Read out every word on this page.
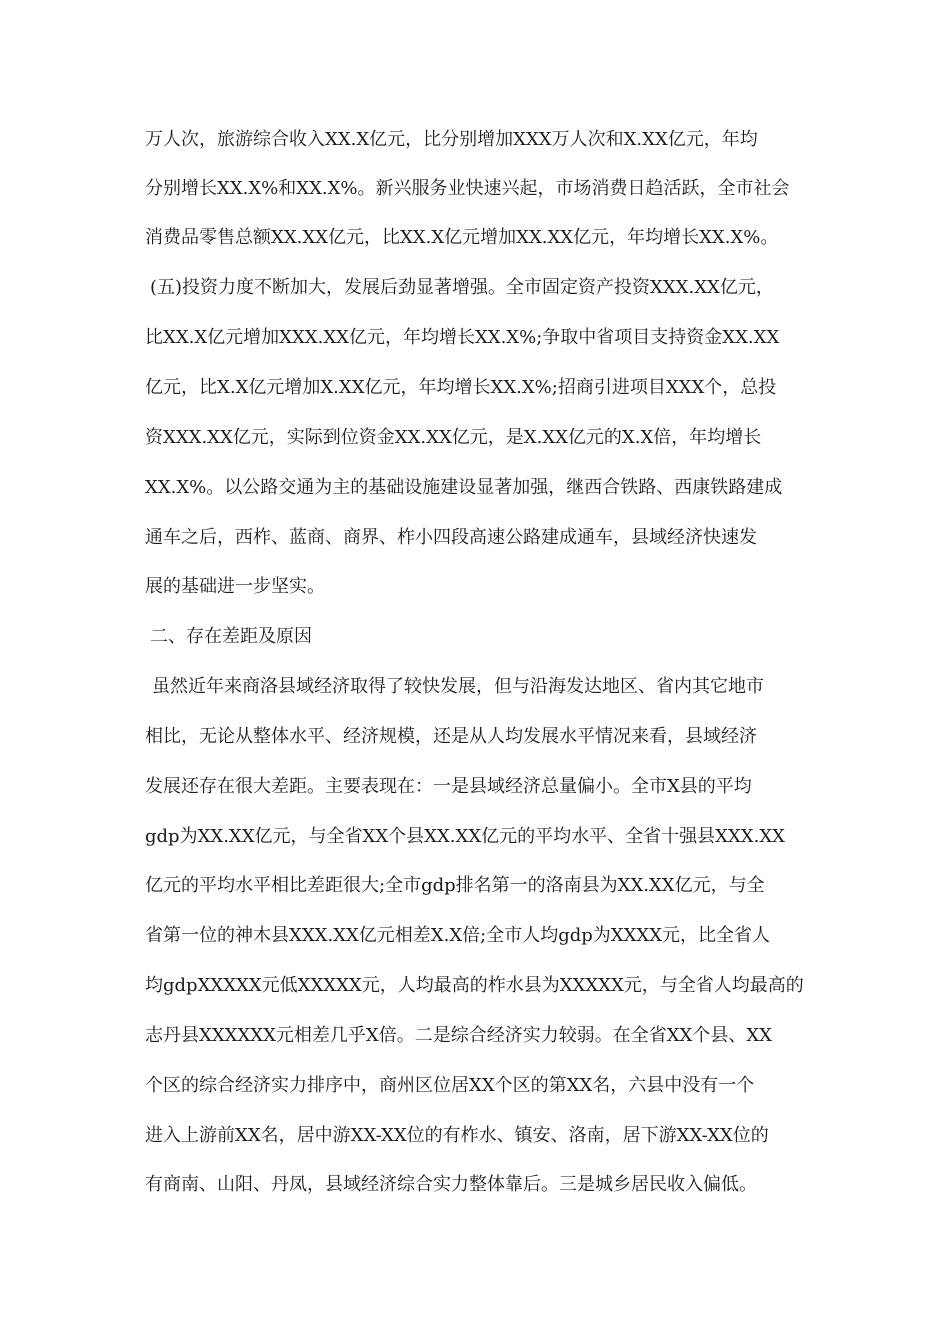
万人次，旅游综合收入XX.X亿元，比分别增加XXX万人次和X.XX亿元，年均
分别增长XX.X%和XX.X%。新兴服务业快速兴起，市场消费日趋活跃，全市社会
消费品零售总额XX.XX亿元，比XX.X亿元增加XX.XX亿元，年均增长XX.X%。
(五)投资力度不断加大，发展后劲显著增强。全市固定资产投资XXX.XX亿元，
比XX.X亿元增加XXX.XX亿元，年均增长XX.X%;争取中省项目支持资金XX.XX
亿元，比X.X亿元增加X.XX亿元，年均增长XX.X%;招商引进项目XXX个，总投
资XXX.XX亿元，实际到位资金XX.XX亿元，是X.XX亿元的X.X倍，年均增长
XX.X%。以公路交通为主的基础设施建设显著加强，继西合铁路、西康铁路建成
通车之后，西柞、蓝商、商界、柞小四段高速公路建成通车，县域经济快速发
展的基础进一步坚实。
二、存在差距及原因
虽然近年来商洛县域经济取得了较快发展，但与沿海发达地区、省内其它地市
相比，无论从整体水平、经济规模，还是从人均发展水平情况来看，县域经济
发展还存在很大差距。主要表现在：一是县域经济总量偏小。全市X县的平均
gdp为XX.XX亿元，与全省XX个县XX.XX亿元的平均水平、全省十强县XXX.XX
亿元的平均水平相比差距很大;全市gdp排名第一的洛南县为XX.XX亿元，与全
省第一位的神木县XXX.XX亿元相差X.X倍;全市人均gdp为XXXX元，比全省人
均gdpXXXXX元低XXXXX元，人均最高的柞水县为XXXXX元，与全省人均最高的
志丹县XXXXXX元相差几乎X倍。二是综合经济实力较弱。在全省XX个县、XX
个区的综合经济实力排序中，商州区位居XX个区的第XX名，六县中没有一个
进入上游前XX名，居中游XX-XX位的有柞水、镇安、洛南，居下游XX-XX位的
有商南、山阳、丹凤，县域经济综合实力整体靠后。三是城乡居民收入偏低。
